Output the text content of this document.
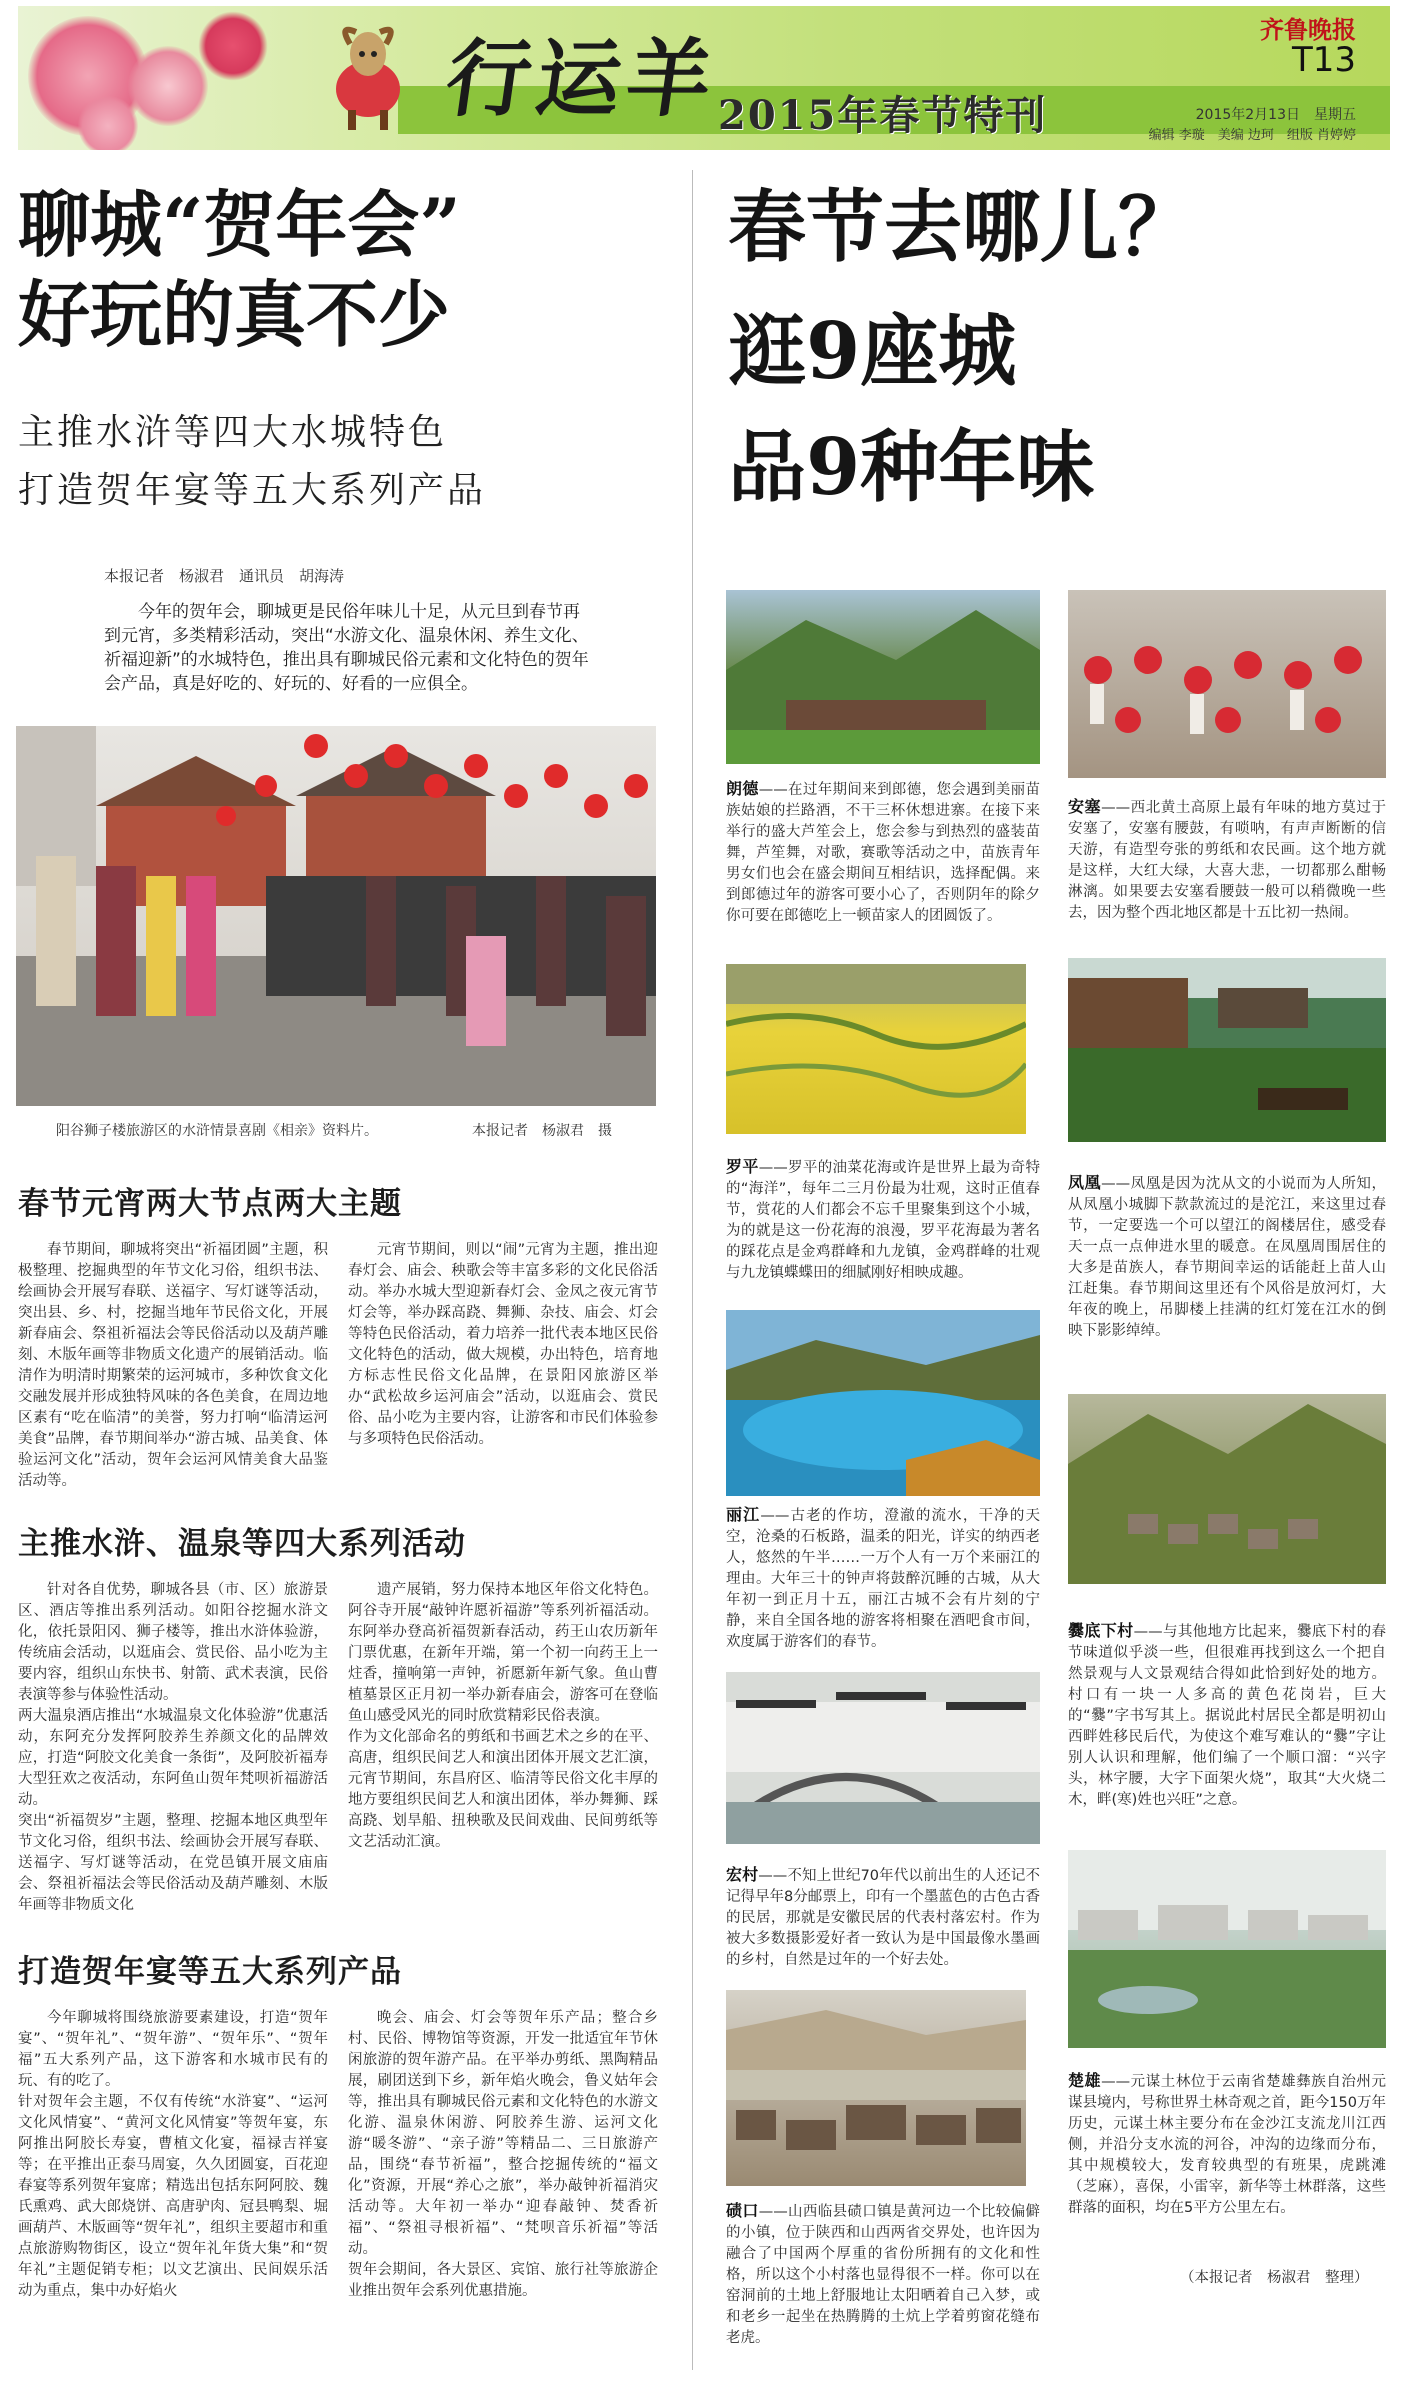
行运羊
2015年春节特刊
齐鲁晚报
T13
2015年2月13日　星期五
编辑 李璇　美编 边珂　组版 肖婷婷
聊城“贺年会”
好玩的真不少
主推水浒等四大水城特色
打造贺年宴等五大系列产品
本报记者　杨淑君　通讯员　胡海涛
今年的贺年会，聊城更是民俗年味儿十足，从元旦到春节再到元宵，多类精彩活动，突出“水游文化、温泉休闲、养生文化、祈福迎新”的水城特色，推出具有聊城民俗元素和文化特色的贺年会产品，真是好吃的、好玩的、好看的一应俱全。
阳谷狮子楼旅游区的水浒情景喜剧《相亲》资料片。	本报记者　杨淑君　摄
春节元宵两大节点两大主题
春节期间，聊城将突出“祈福团圆”主题，积极整理、挖掘典型的年节文化习俗，组织书法、绘画协会开展写春联、送福字、写灯谜等活动，突出县、乡、村，挖掘当地年节民俗文化，开展新春庙会、祭祖祈福法会等民俗活动以及葫芦雕刻、木版年画等非物质文化遗产的展销活动。临清作为明清时期繁荣的运河城市，多种饮食文化交融发展并形成独特风味的各色美食，在周边地区素有“吃在临清”的美誉，努力打响“临清运河美食”品牌，春节期间举办“游古城、品美食、体验运河文化”活动，贺年会运河风情美食大品鉴活动等。
元宵节期间，则以“闹”元宵为主题，推出迎春灯会、庙会、秧歌会等丰富多彩的文化民俗活动。举办水城大型迎新春灯会、金凤之夜元宵节灯会等，举办踩高跷、舞狮、杂技、庙会、灯会等特色民俗活动，着力培养一批代表本地区民俗文化特色的活动，做大规模，办出特色，培育地方标志性民俗文化品牌，在景阳冈旅游区举办“武松故乡运河庙会”活动，以逛庙会、赏民俗、品小吃为主要内容，让游客和市民们体验参与多项特色民俗活动。
主推水浒、温泉等四大系列活动
针对各自优势，聊城各县（市、区）旅游景区、酒店等推出系列活动。如阳谷挖掘水浒文化，依托景阳冈、狮子楼等，推出水浒体验游，传统庙会活动，以逛庙会、赏民俗、品小吃为主要内容，组织山东快书、射箭、武术表演，民俗表演等参与体验性活动。
两大温泉酒店推出“水城温泉文化体验游”优惠活动，东阿充分发挥阿胶养生养颜文化的品牌效应，打造“阿胶文化美食一条街”，及阿胶祈福寿大型狂欢之夜活动，东阿鱼山贺年梵呗祈福游活动。
突出“祈福贺岁”主题，整理、挖掘本地区典型年节文化习俗，组织书法、绘画协会开展写春联、送福字、写灯谜等活动，在党邑镇开展文庙庙会、祭祖祈福法会等民俗活动及葫芦雕刻、木版年画等非物质文化
遗产展销，努力保持本地区年俗文化特色。阿谷寺开展“敲钟许愿祈福游”等系列祈福活动。东阿举办登高祈福贺新春活动，药王山农历新年门票优惠，在新年开端，第一个初一向药王上一炷香，撞响第一声钟，祈愿新年新气象。鱼山曹植墓景区正月初一举办新春庙会，游客可在登临鱼山感受风光的同时欣赏精彩民俗表演。
作为文化部命名的剪纸和书画艺术之乡的在平、高唐，组织民间艺人和演出团体开展文艺汇演，元宵节期间，东昌府区、临清等民俗文化丰厚的地方要组织民间艺人和演出团体，举办舞狮、踩高跷、划旱船、扭秧歌及民间戏曲、民间剪纸等文艺活动汇演。
打造贺年宴等五大系列产品
今年聊城将围绕旅游要素建设，打造“贺年宴”、“贺年礼”、“贺年游”、“贺年乐”、“贺年福”五大系列产品，这下游客和水城市民有的玩、有的吃了。
针对贺年会主题，不仅有传统“水浒宴”、“运河文化风情宴”、“黄河文化风情宴”等贺年宴，东阿推出阿胶长寿宴，曹植文化宴，福禄吉祥宴等；在平推出正泰马周宴，久久团圆宴，百花迎春宴等系列贺年宴席；精选出包括东阿阿胶、魏氏熏鸡、武大郎烧饼、高唐驴肉、冠县鸭梨、堀画葫芦、木版画等“贺年礼”，组织主要超市和重点旅游购物街区，设立“贺年礼年货大集”和“贺年礼”主题促销专柜；以文艺演出、民间娱乐活动为重点，集中办好焰火
晚会、庙会、灯会等贺年乐产品；整合乡村、民俗、博物馆等资源，开发一批适宜年节休闲旅游的贺年游产品。在平举办剪纸、黑陶精品展，刷团送到下乡，新年焰火晚会，鲁义姑年会等，推出具有聊城民俗元素和文化特色的水游文化游、温泉休闲游、阿胶养生游、运河文化游“暖冬游”、“亲子游”等精品二、三日旅游产品，围绕“春节祈福”，整合挖掘传统的“福文化”资源，开展“养心之旅”，举办敲钟祈福消灾活动等。大年初一举办“迎春敲钟、焚香祈福”、“祭祖寻根祈福”、“梵呗音乐祈福”等活动。
贺年会期间，各大景区、宾馆、旅行社等旅游企业推出贺年会系列优惠措施。
春节去哪儿？
逛9座城
品9种年味
朗德——在过年期间来到郎德，您会遇到美丽苗族姑娘的拦路酒，不干三杯休想进寨。在接下来举行的盛大芦笙会上，您会参与到热烈的盛装苗舞，芦笙舞，对歌，赛歌等活动之中，苗族青年男女们也会在盛会期间互相结识，选择配偶。来到郎德过年的游客可要小心了，否则阴年的除夕你可要在郎德吃上一顿苗家人的团圆饭了。
罗平——罗平的油菜花海或许是世界上最为奇特的“海洋”，每年二三月份最为壮观，这时正值春节，赏花的人们都会不忘千里聚集到这个小城，为的就是这一份花海的浪漫，罗平花海最为著名的踩花点是金鸡群峰和九龙镇，金鸡群峰的壮观与九龙镇蝶蝶田的细腻刚好相映成趣。
丽江——古老的作坊，澄澈的流水，干净的天空，沧桑的石板路，温柔的阳光，详实的纳西老人，悠然的午半……一万个人有一万个来丽江的理由。大年三十的钟声将鼓醉沉睡的古城，从大年初一到正月十五，丽江古城不会有片刻的宁静，来自全国各地的游客将相聚在酒吧食市间，欢度属于游客们的春节。
宏村——不知上世纪70年代以前出生的人还记不记得早年8分邮票上，印有一个墨蓝色的古色古香的民居，那就是安徽民居的代表村落宏村。作为被大多数摄影爱好者一致认为是中国最像水墨画的乡村，自然是过年的一个好去处。
碛口——山西临县碛口镇是黄河边一个比较偏僻的小镇，位于陕西和山西两省交界处，也许因为融合了中国两个厚重的省份所拥有的文化和性格，所以这个小村落也显得很不一样。你可以在窑洞前的土地上舒服地让太阳晒着自己入梦，或和老乡一起坐在热腾腾的土炕上学着剪窗花缝布老虎。
安塞——西北黄土高原上最有年味的地方莫过于安塞了，安塞有腰鼓，有唢呐，有声声断断的信天游，有造型夸张的剪纸和农民画。这个地方就是这样，大红大绿，大喜大悲，一切都那么酣畅淋漓。如果要去安塞看腰鼓一般可以稍微晚一些去，因为整个西北地区都是十五比初一热闹。
凤凰——凤凰是因为沈从文的小说而为人所知，从凤凰小城脚下款款流过的是沱江，来这里过春节，一定要选一个可以望江的阁楼居住，感受春天一点一点伸进水里的暖意。在凤凰周围居住的大多是苗族人，春节期间幸运的话能赶上苗人山江赶集。春节期间这里还有个风俗是放河灯，大年夜的晚上，吊脚楼上挂满的红灯笼在江水的倒映下影影绰绰。
爨底下村——与其他地方比起来，爨底下村的春节味道似乎淡一些，但很难再找到这么一个把自然景观与人文景观结合得如此恰到好处的地方。村口有一块一人多高的黄色花岗岩，巨大的“爨”字书写其上。据说此村居民全都是明初山西畔姓移民后代，为使这个难写难认的“爨”字让别人认识和理解，他们编了一个顺口溜：“兴字头，林字腰，大字下面架火烧”，取其“大火烧二木，畔(寒)姓也兴旺”之意。
楚雄——元谋土林位于云南省楚雄彝族自治州元谋县境内，号称世界土林奇观之首，距今150万年历史，元谋土林主要分布在金沙江支流龙川江西侧，并沿分支水流的河谷，冲沟的边缘而分布，其中规模较大，发育较典型的有班果，虎跳滩（芝麻），喜保，小雷宰，新华等土林群落，这些群落的面积，均在5平方公里左右。
（本报记者　杨淑君　整理）
